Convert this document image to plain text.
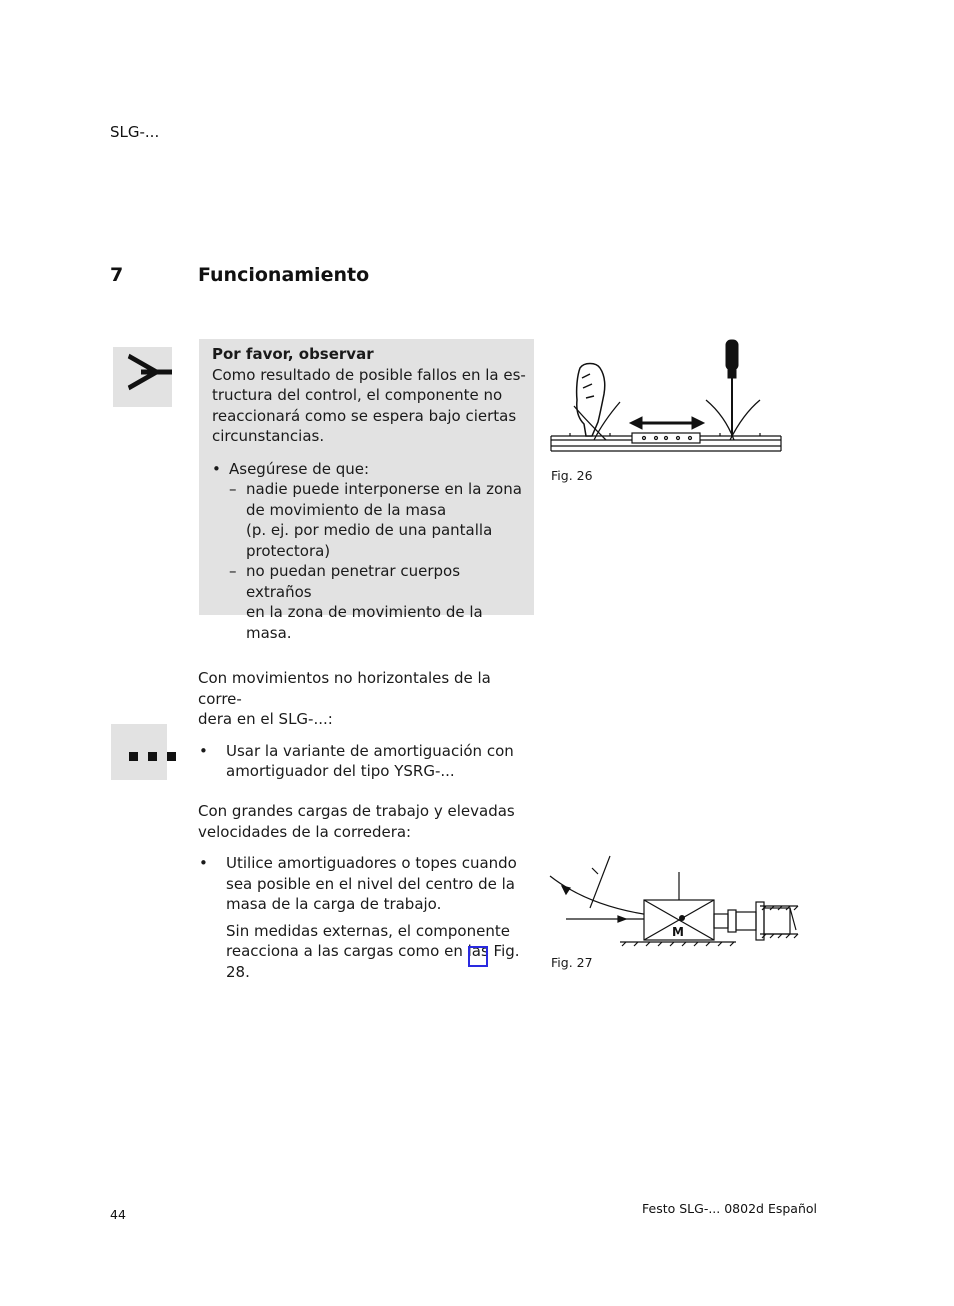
SLG-...
7	Funcionamiento
Por favor, observar
Como resultado de posible fallos en la es-
tructura del control, el componente no
reaccionará como se espera bajo ciertas
circunstancias.
• Asegúrese de que:
– nadie puede interponerse en la zona
de movimiento de la masa
(p. ej. por medio de una pantalla
protectora)
– no puedan penetrar cuerpos extraños
en la zona de movimiento de la masa.
Fig. 26
Con movimientos no horizontales de la corre-
dera en el SLG-...:
• Usar la variante de amortiguación con
amortiguador del tipo YSRG-...
Con grandes cargas de trabajo y elevadas
velocidades de la corredera:
• Utilice amortiguadores o topes cuando
sea posible en el nivel del centro de la
masa de la carga de trabajo.
Sin medidas externas, el componente
reacciona a las cargas como en las Fig. 28.
M
Fig. 27
44	Festo SLG-... 0802d Español
